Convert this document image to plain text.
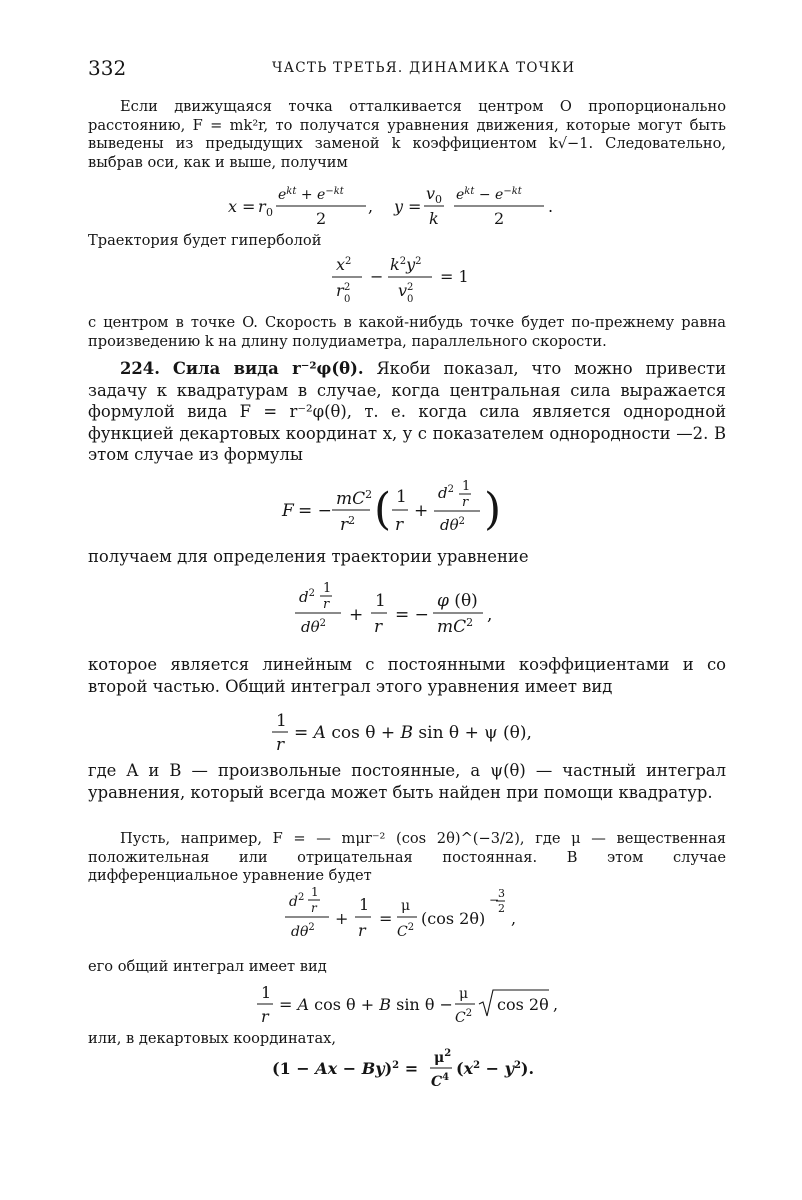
332	ЧАСТЬ ТРЕТЬЯ. ДИНАМИКА ТОЧКИ
Если движущаяся точка отталкивается центром O пропорционально расстоянию, F = mk²r, то получатся уравнения движения, которые могут быть выведены из предыдущих заменой k коэффициентом k√−1. Следовательно, выбрав оси, как и выше, получим
x = r 0
$e^{kt} + e^{-kt}$
2
, y =
$v_0$
k
$e^{kt} - e^{-kt}$
2
.
Траектория будет гиперболой
$x^2$
r 0
2
−
$k^2y^2$
v 0
2
= 1
с центром в точке O. Скорость в какой-нибудь точке будет по-прежнему равна произведению k на длину полудиаметра, параллельного скорости.
224. Сила вида r⁻²φ(θ). Якоби показал, что можно привести задачу к квадратурам в случае, когда центральная сила выражается формулой вида F = r⁻²φ(θ), т. е. когда сила является однородной функцией декартовых координат x, y с показателем однородности —2. В этом случае из формулы
F = −
$mC^2$
$r^2$ ( 1
r
+
$d^2$ 1
r
$d\theta^2$ )
получаем для определения траектории уравнение
$d^2$ 1
r
$d\theta^2$ +
1
r
= −
φ (θ)
$mC^2$ ,
которое является линейным с постоянными коэффициентами и со второй частью. Общий интеграл этого уравнения имеет вид
1
r
= A cos θ + B sin θ + ψ (θ),
где A и B — произвольные постоянные, а ψ(θ) — частный интеграл уравнения, который всегда может быть найден при помощи квадратур.
Пусть, например, F = — mμr⁻² (cos 2θ)^(−3/2), где μ — вещественная положительная или отрицательная постоянная. В этом случае дифференциальное уравнение будет
$d^2$ 1
r
$d\theta^2$ +
1
r
=
μ
$C^2$ (cos 2θ)
−
3
2
,
его общий интеграл имеет вид
1
r
= A cos θ + B sin θ −
μ
$C^2$ cos 2θ ,
или, в декартовых координатах,
$(1 - Ax - By)^2$ =
$\mu^2$
$C^4$ $(x^2 - y^2)$.
